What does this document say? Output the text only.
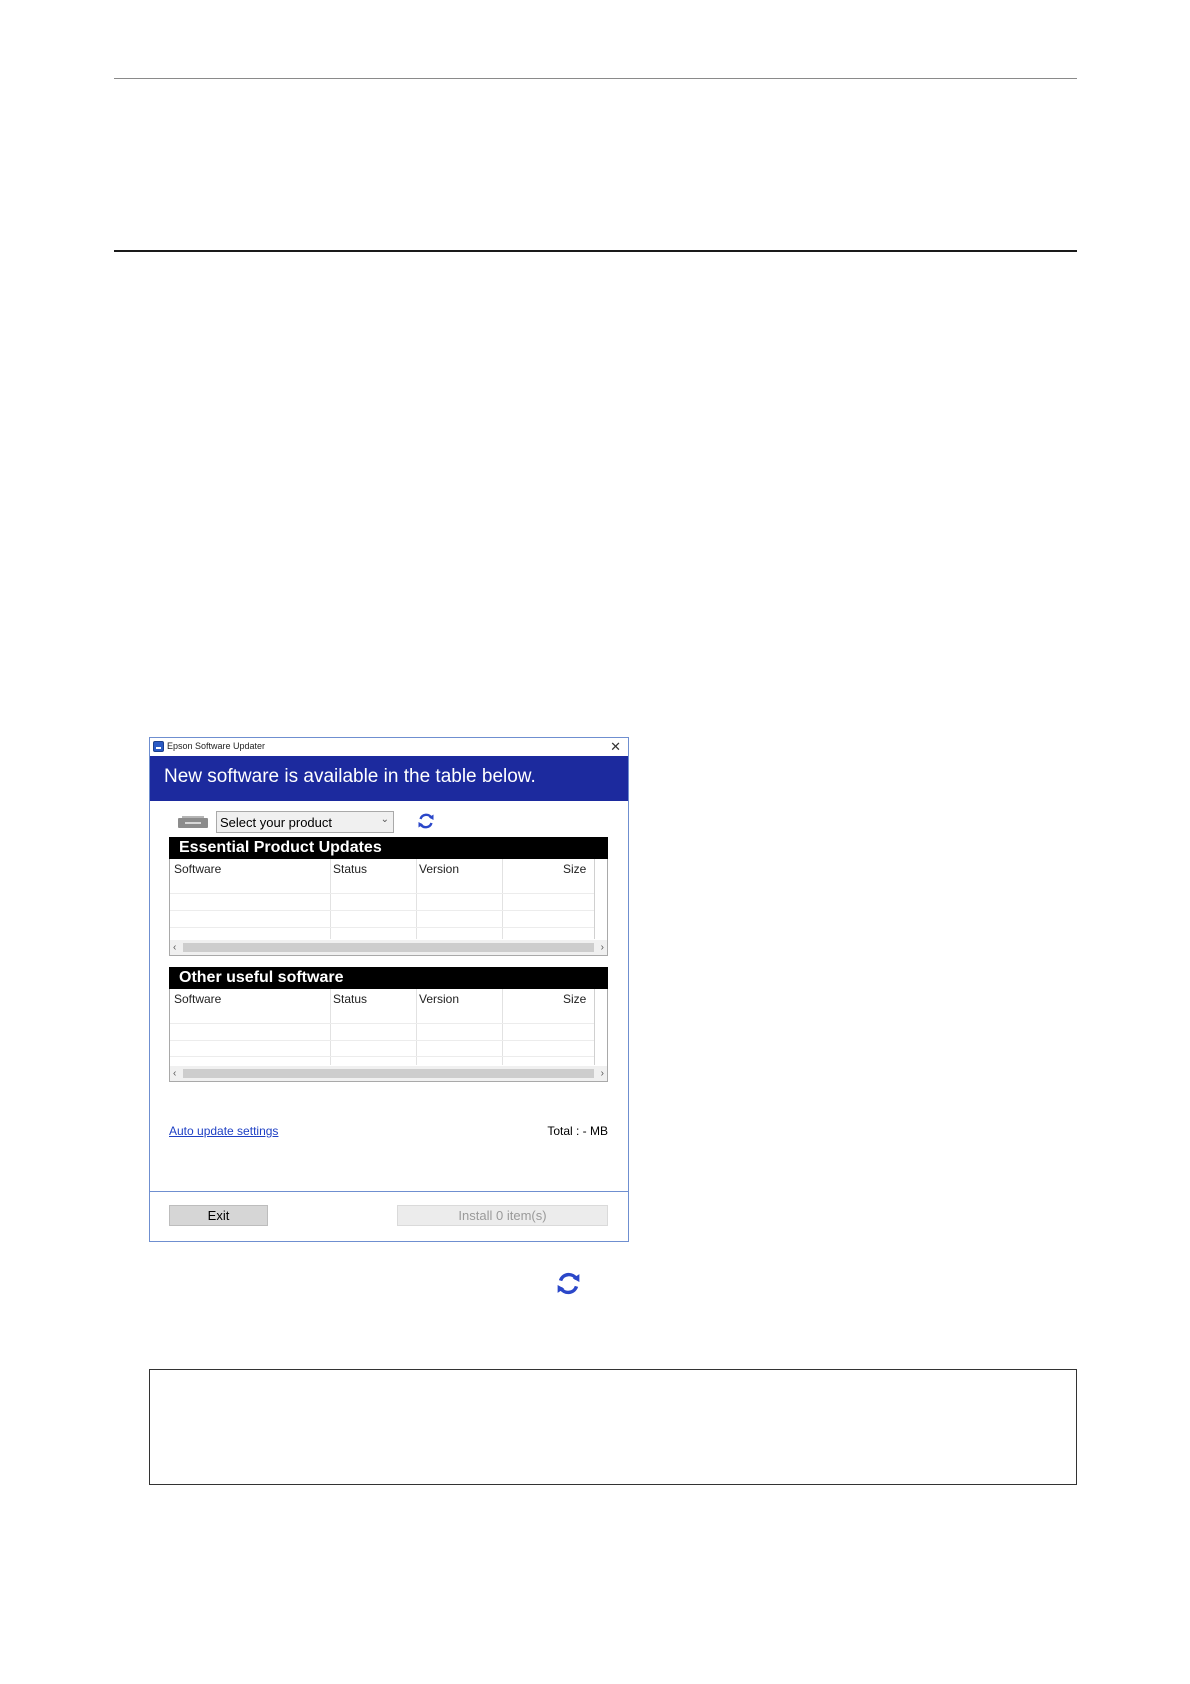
Epson Software Updater	✕
New software is available in the table below.
Select your product	⌄
Essential Product Updates
Software	Status	Version	Size
‹	›
Other useful software
Software	Status	Version	Size
‹	›
Auto update settings	Total : - MB
Exit	Install 0 item(s)
